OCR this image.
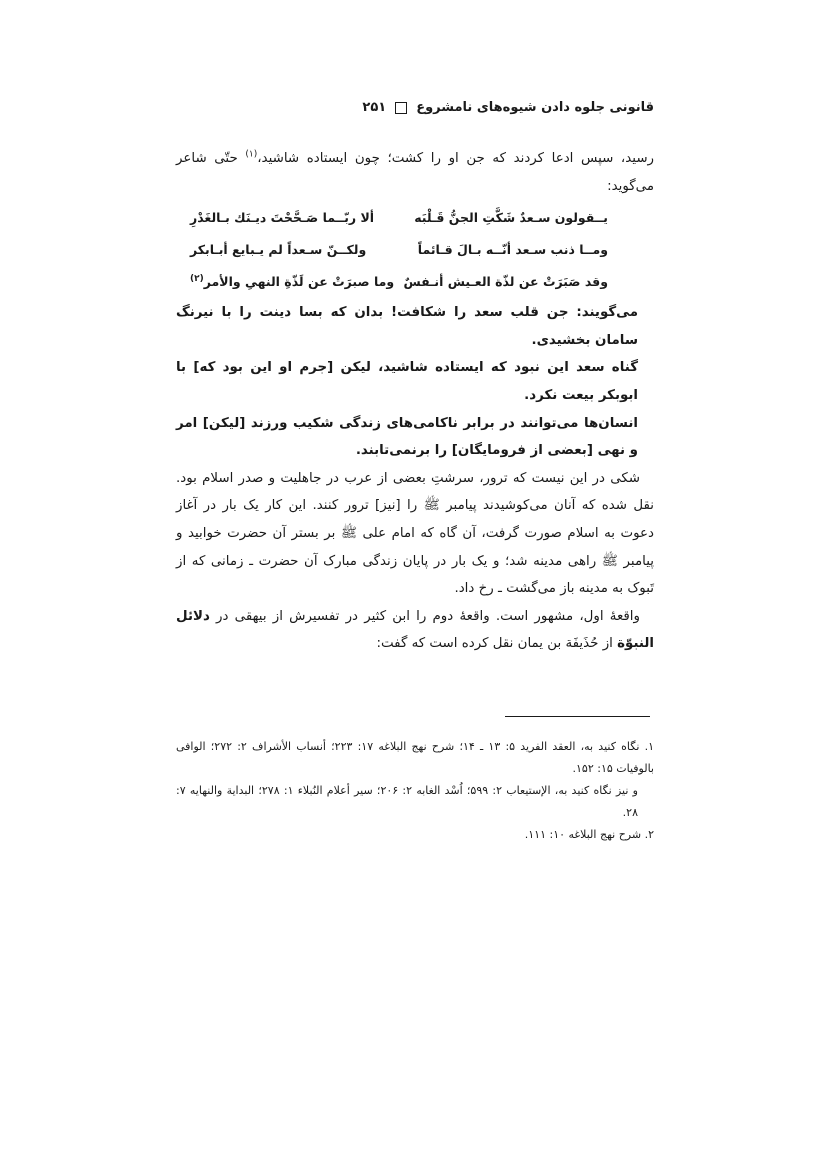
قانونی جلوه دادن شیوه‌های نامشروع
۲۵۱

رسید، سپس ادعا کردند که جن او را کشت؛ چون ایستاده شاشید،$^{(۱)}$ حتّی شاعر می‌گوید:

یــقولون سـعدٌ شَکَّتِ الجنُّ قَـلْبَه
ألا ربّــما صَـحَّحْتَ دیـنَك بـالغَدْرِ
ومــا ذنب سـعد أنّــه بـالَ قـائماً
ولکــنّ سـعداً لم یـبایع أبـابکر
وقد صَبَرَتْ عن لذّة العـیش أنـفسٌ
وما صبرَتْ عن لَذّةِ النهیِ والأمر$^{(۲)}$

می‌گویند: جن قلب سعد را شکافت! بدان که بسا دینت را با نیرنگ سامان بخشیدی.

گناه سعد این نبود که ایستاده شاشید، لیکن [جرم او این بود که] با ابوبکر بیعت نکرد.

انسان‌ها می‌توانند در برابر ناکامی‌های زندگی شکیب ورزند [لیکن] امر و نهی [بعضی از فرومایگان] را برنمی‌تابند.

شکی در این نیست که ترور، سرشتِ بعضی از عرب در جاهلیت و صدر اسلام بود. نقل شده که آنان می‌کوشیدند پیامبر ﷺ را [نیز] ترور کنند. این کار یک بار در آغاز دعوت به اسلام صورت گرفت، آن گاه که امام علی ﷺ بر بستر آن حضرت خوابید و پیامبر ﷺ راهی مدینه شد؛ و یک بار در پایان زندگی مبارک آن حضرت ـ زمانی که از تَبوک به مدینه باز می‌گشت ـ رخ داد.

واقعهٔ اول، مشهور است. واقعهٔ دوم را ابن کثیر در تفسیرش از بیهقی در دلائل النبوّة از حُذَیفَة بن یمان نقل کرده است که گفت:

۱. نگاه کنید به، العقد الفرید ۵: ۱۳ ـ ۱۴؛ شرح نهج البلاغه ۱۷: ۲۲۳؛ أنساب الأشراف ۲: ۲۷۲؛ الوافی بالوفیات ۱۵: ۱۵۲.

و نیز نگاه کنید به، الإستیعاب ۲: ۵۹۹؛ اُسْد الغابه ۲: ۲۰۶؛ سیر أعلام النُبلاء ۱: ۲۷۸؛ البدایة والنهایه ۷: ۲۸.

۲. شرح نهج البلاغه ۱۰: ۱۱۱.
